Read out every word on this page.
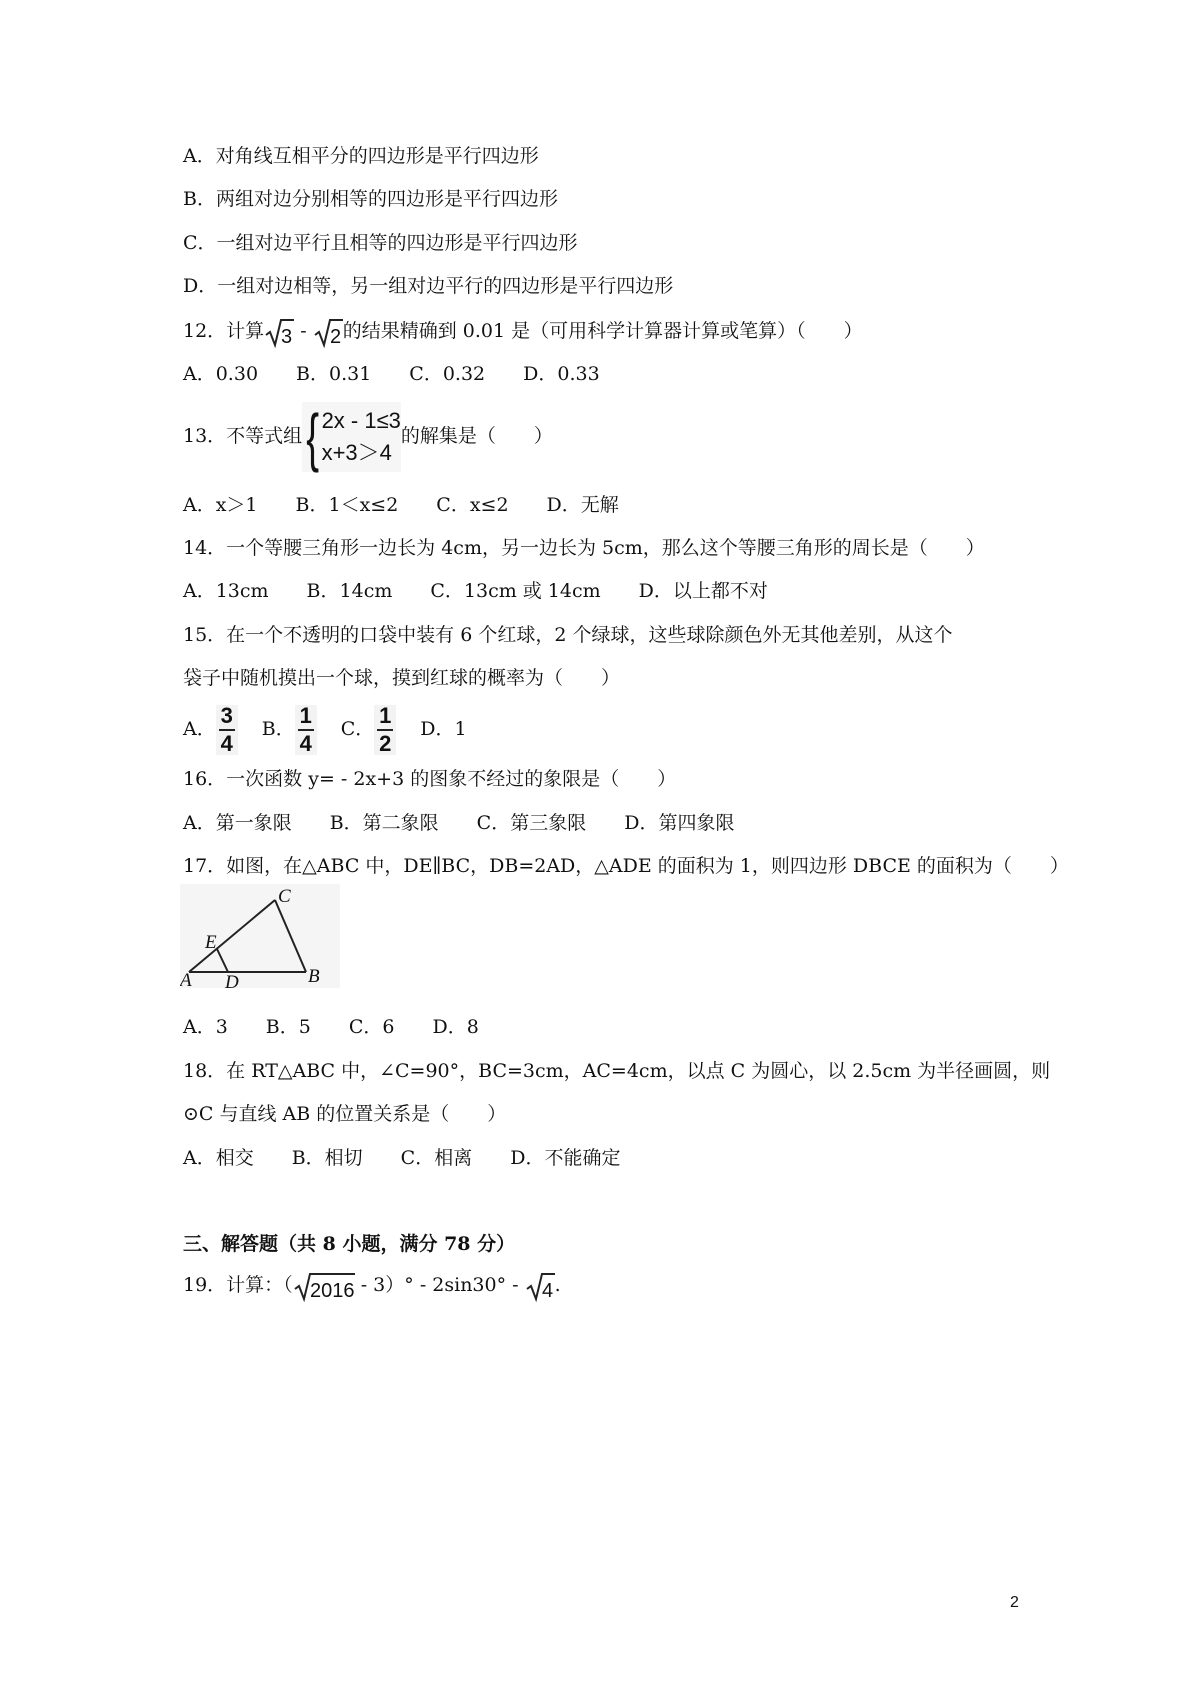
A．对角线互相平分的四边形是平行四边形
B．两组对边分别相等的四边形是平行四边形
C．一组对边平行且相等的四边形是平行四边形
D．一组对边相等，另一组对边平行的四边形是平行四边形
12．计算 3 - 2 的结果精确到 0.01 是（可用科学计算器计算或笔算）（　　）
A．0.30　　B．0.31　　C．0.32　　D．0.33
13．不等式组 { 2x - 1≤3
x+3＞4
的解集是（　　）
A．x＞1　　B．1＜x≤2　　C．x≤2　　D．无解
14．一个等腰三角形一边长为 4cm，另一边长为 5cm，那么这个等腰三角形的周长是（　　）
A．13cm　　B．14cm　　C．13cm 或 14cm　　D．以上都不对
15．在一个不透明的口袋中装有 6 个红球，2 个绿球，这些球除颜色外无其他差别，从这个
袋子中随机摸出一个球，摸到红球的概率为（　　）
A． $\frac{3}{4}$ B． $\frac{1}{4}$ C． $\frac{1}{2}$ D．1
16．一次函数 y= - 2x+3 的图象不经过的象限是（　　）
A．第一象限　　B．第二象限　　C．第三象限　　D．第四象限
17．如图，在△ABC 中，DE∥BC，DB=2AD，△ADE 的面积为 1，则四边形 DBCE 的面积为（　　）
C
E
A D	B
A．3　　B．5　　C．6　　D．8
18．在 RT△ABC 中，∠C=90°，BC=3cm，AC=4cm，以点 C 为圆心，以 2.5cm 为半径画圆，则
⊙C 与直线 AB 的位置关系是（　　）
A．相交　　B．相切　　C．相离　　D．不能确定
三、解答题（共 8 小题，满分 78 分）
19．计算：（ 2016 - 3）° - 2sin30° - 4 .
2
